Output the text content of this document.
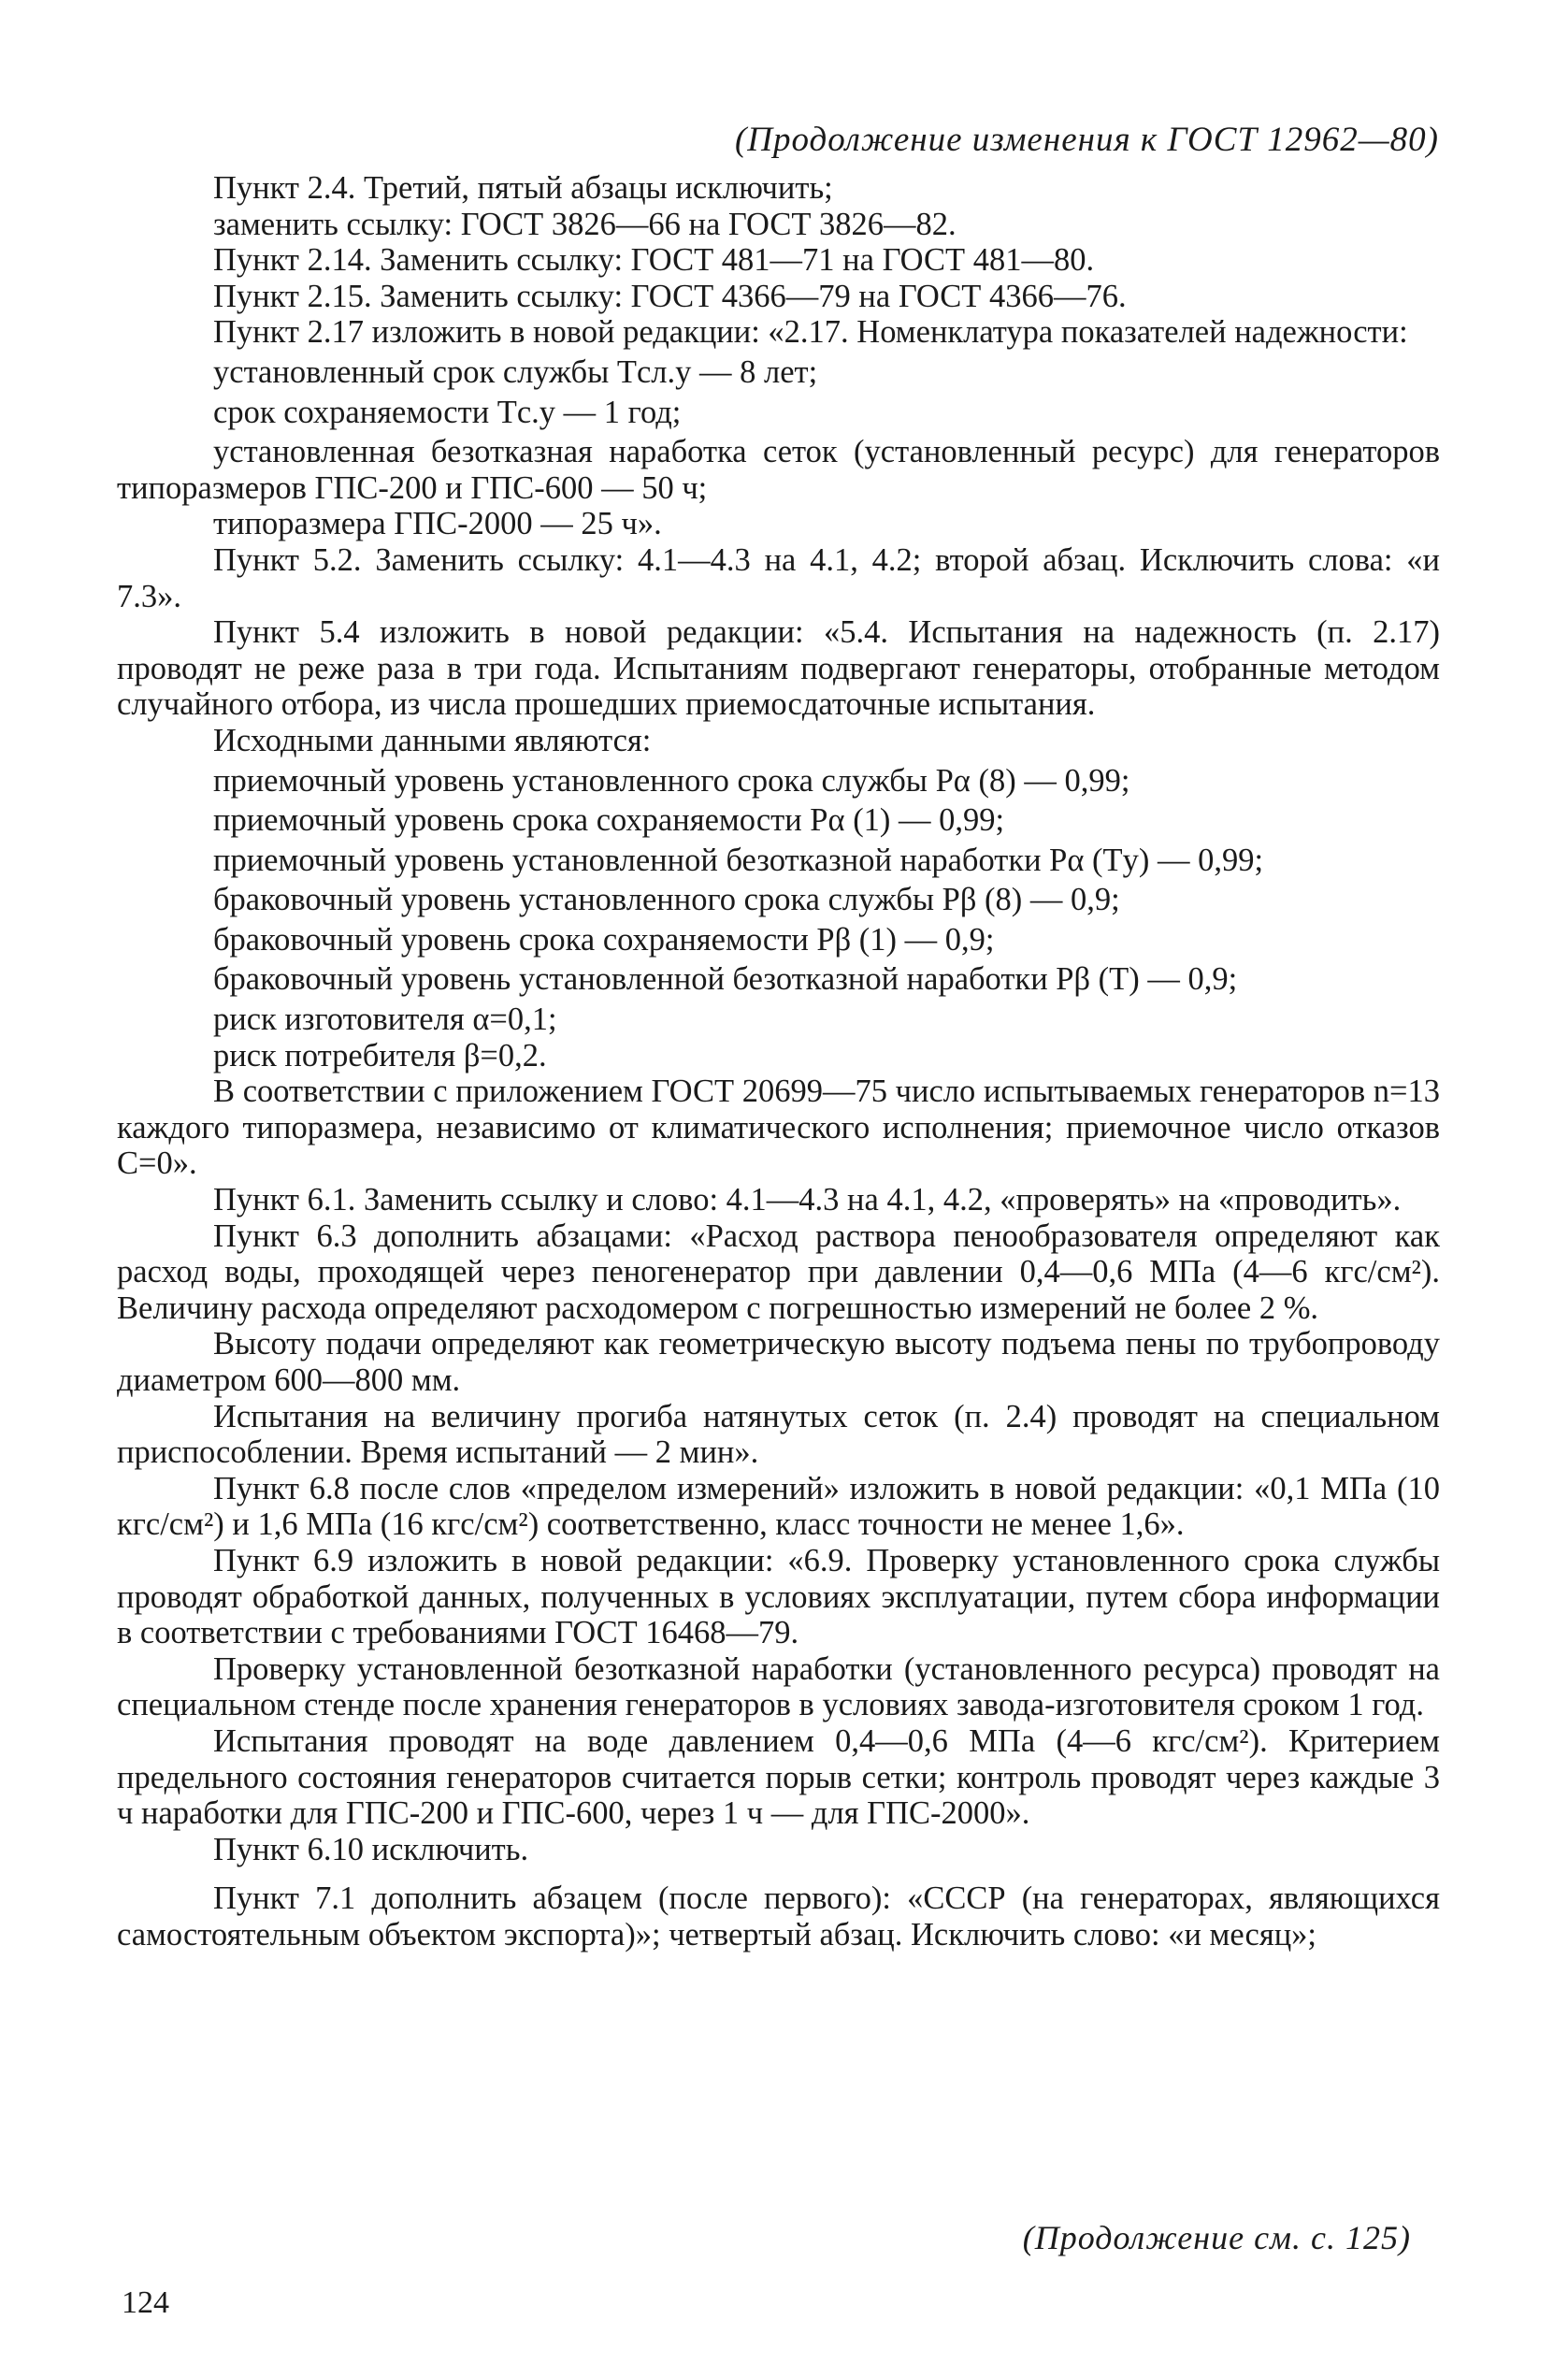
(Продолжение изменения к ГОСТ 12962—80)

Пункт 2.4. Третий, пятый абзацы исключить;

заменить ссылку: ГОСТ 3826—66 на ГОСТ 3826—82.

Пункт 2.14. Заменить ссылку: ГОСТ 481—71 на ГОСТ 481—80.

Пункт 2.15. Заменить ссылку: ГОСТ 4366—79 на ГОСТ 4366—76.

Пункт 2.17 изложить в новой редакции: «2.17. Номенклатура показателей надежности:

установленный срок службы Tсл.у — 8 лет;

срок сохраняемости Tс.у — 1 год;

установленная безотказная наработка сеток (установленный ресурс) для генераторов типоразмеров ГПС-200 и ГПС-600 — 50 ч;

типоразмера ГПС-2000 — 25 ч».

Пункт 5.2. Заменить ссылку: 4.1—4.3 на 4.1, 4.2; второй абзац. Исключить слова: «и 7.3».

Пункт 5.4 изложить в новой редакции: «5.4. Испытания на надежность (п. 2.17) проводят не реже раза в три года. Испытаниям подвергают генераторы, отобранные методом случайного отбора, из числа прошедших приемосдаточные испытания.

Исходными данными являются:

приемочный уровень установленного срока службы Pα (8) — 0,99;

приемочный уровень срока сохраняемости Pα (1) — 0,99;

приемочный уровень установленной безотказной наработки Pα (Tу) — 0,99;

браковочный уровень установленного срока службы Pβ (8) — 0,9;

браковочный уровень срока сохраняемости Pβ (1) — 0,9;

браковочный уровень установленной безотказной наработки Pβ (T) — 0,9;

риск изготовителя α=0,1;

риск потребителя β=0,2.

В соответствии с приложением ГОСТ 20699—75 число испытываемых генераторов n=13 каждого типоразмера, независимо от климатического исполнения; приемочное число отказов C=0».

Пункт 6.1. Заменить ссылку и слово: 4.1—4.3 на 4.1, 4.2, «проверять» на «проводить».

Пункт 6.3 дополнить абзацами: «Расход раствора пенообразователя определяют как расход воды, проходящей через пеногенератор при давлении 0,4—0,6 МПа (4—6 кгс/см²). Величину расхода определяют расходомером с погрешностью измерений не более 2 %.

Высоту подачи определяют как геометрическую высоту подъема пены по трубопроводу диаметром 600—800 мм.

Испытания на величину прогиба натянутых сеток (п. 2.4) проводят на специальном приспособлении. Время испытаний — 2 мин».

Пункт 6.8 после слов «пределом измерений» изложить в новой редакции: «0,1 МПа (10 кгс/см²) и 1,6 МПа (16 кгс/см²) соответственно, класс точности не менее 1,6».

Пункт 6.9 изложить в новой редакции: «6.9. Проверку установленного срока службы проводят обработкой данных, полученных в условиях эксплуатации, путем сбора информации в соответствии с требованиями ГОСТ 16468—79.

Проверку установленной безотказной наработки (установленного ресурса) проводят на специальном стенде после хранения генераторов в условиях завода-изготовителя сроком 1 год.

Испытания проводят на воде давлением 0,4—0,6 МПа (4—6 кгс/см²). Критерием предельного состояния генераторов считается порыв сетки; контроль проводят через каждые 3 ч наработки для ГПС-200 и ГПС-600, через 1 ч — для ГПС-2000».

Пункт 6.10 исключить.

Пункт 7.1 дополнить абзацем (после первого): «СССР (на генераторах, являющихся самостоятельным объектом экспорта)»; четвертый абзац. Исключить слово: «и месяц»;

(Продолжение см. с. 125)
124
